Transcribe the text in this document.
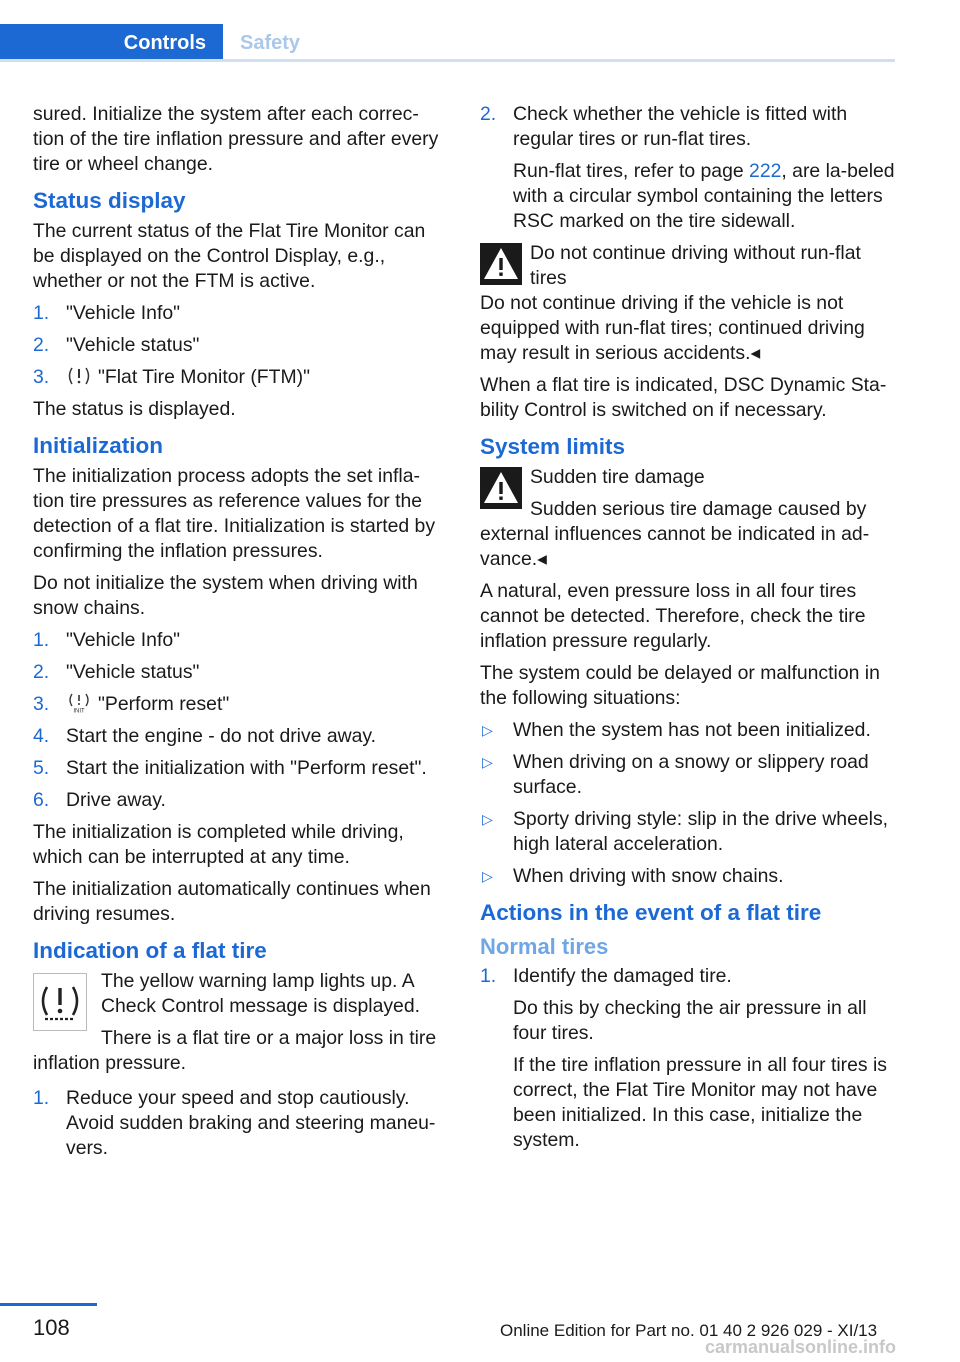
Controls	Safety

sured. Initialize the system after each correc-tion of the tire inflation pressure and after every tire or wheel change.

Status display

The current status of the Flat Tire Monitor can be displayed on the Control Display, e.g., whether or not the FTM is active.

1. "Vehicle Info"
2. "Vehicle status"
3.	"Flat Tire Monitor (FTM)"

The status is displayed.

Initialization

The initialization process adopts the set infla-tion tire pressures as reference values for the detection of a flat tire. Initialization is started by confirming the inflation pressures.

Do not initialize the system when driving with snow chains.

1. "Vehicle Info"
2. "Vehicle status"
3.	INIT "Perform reset"
4. Start the engine - do not drive away.
5. Start the initialization with "Perform reset".
6. Drive away.

The initialization is completed while driving, which can be interrupted at any time.

The initialization automatically continues when driving resumes.

Indication of a flat tire

The yellow warning lamp lights up. A Check Control message is displayed.

There is a flat tire or a major loss in tire inflation pressure.

1. Reduce your speed and stop cautiously. Avoid sudden braking and steering maneu-vers.
2. Check whether the vehicle is fitted with regular tires or run-flat tires.
Run-flat tires, refer to page 222, are la-beled with a circular symbol containing the letters RSC marked on the tire sidewall.
Do not continue driving without run-flat tires

Do not continue driving if the vehicle is not equipped with run-flat tires; continued driving may result in serious accidents.◂

When a flat tire is indicated, DSC Dynamic Sta-bility Control is switched on if necessary.

System limits
Sudden tire damage
Sudden serious tire damage caused by external influences cannot be indicated in ad-vance.◂

A natural, even pressure loss in all four tires cannot be detected. Therefore, check the tire inflation pressure regularly.

The system could be delayed or malfunction in the following situations:

▷ When the system has not been initialized.
▷ When driving on a snowy or slippery road surface.
▷ Sporty driving style: slip in the drive wheels, high lateral acceleration.
▷ When driving with snow chains.
Actions in the event of a flat tire
Normal tires
1. Identify the damaged tire.
Do this by checking the air pressure in all four tires.
If the tire inflation pressure in all four tires is correct, the Flat Tire Monitor may not have been initialized. In this case, initialize the system.
108	Online Edition for Part no. 01 40 2 926 029 - XI/13
carmanualsonline.info
